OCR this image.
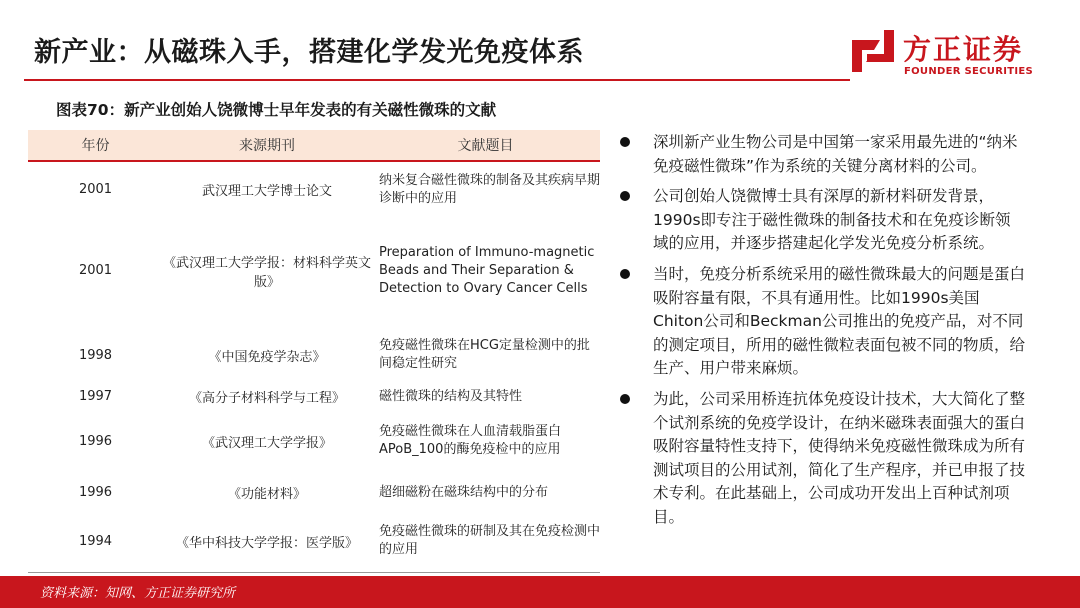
新产业：从磁珠入手，搭建化学发光免疫体系	方正证券
FOUNDER SECURITIES
图表70：新产业创始人饶微博士早年发表的有关磁性微珠的文献
年份	来源期刊	文献题目
2001	武汉理工大学博士论文	纳米复合磁性微珠的制备及其疾病早期诊断中的应用
2001	《武汉理工大学学报：材料科学英文版》	Preparation of Immuno-magnetic Beads and Their Separation & Detection to Ovary Cancer Cells
1998	《中国免疫学杂志》	免疫磁性微珠在HCG定量检测中的批间稳定性研究
1997	《高分子材料科学与工程》	磁性微珠的结构及其特性
1996	《武汉理工大学学报》	免疫磁性微珠在人血清载脂蛋白APoB_100的酶免疫检中的应用
1996	《功能材料》	超细磁粉在磁珠结构中的分布
1994	《华中科技大学学报：医学版》	免疫磁性微珠的研制及其在免疫检测中的应用
深圳新产业生物公司是中国第一家采用最先进的“纳米免疫磁性微珠”作为系统的关键分离材料的公司。
公司创始人饶微博士具有深厚的新材料研发背景，1990s即专注于磁性微珠的制备技术和在免疫诊断领域的应用，并逐步搭建起化学发光免疫分析系统。
当时，免疫分析系统采用的磁性微珠最大的问题是蛋白吸附容量有限，不具有通用性。比如1990s美国Chiton公司和Beckman公司推出的免疫产品，对不同的测定项目，所用的磁性微粒表面包被不同的物质，给生产、用户带来麻烦。
为此，公司采用桥连抗体免疫设计技术，大大简化了整个试剂系统的免疫学设计，在纳米磁珠表面强大的蛋白吸附容量特性支持下，使得纳米免疫磁性微珠成为所有测试项目的公用试剂，简化了生产程序，并已申报了技术专利。在此基础上，公司成功开发出上百种试剂项目。
资料来源：知网、方正证券研究所
